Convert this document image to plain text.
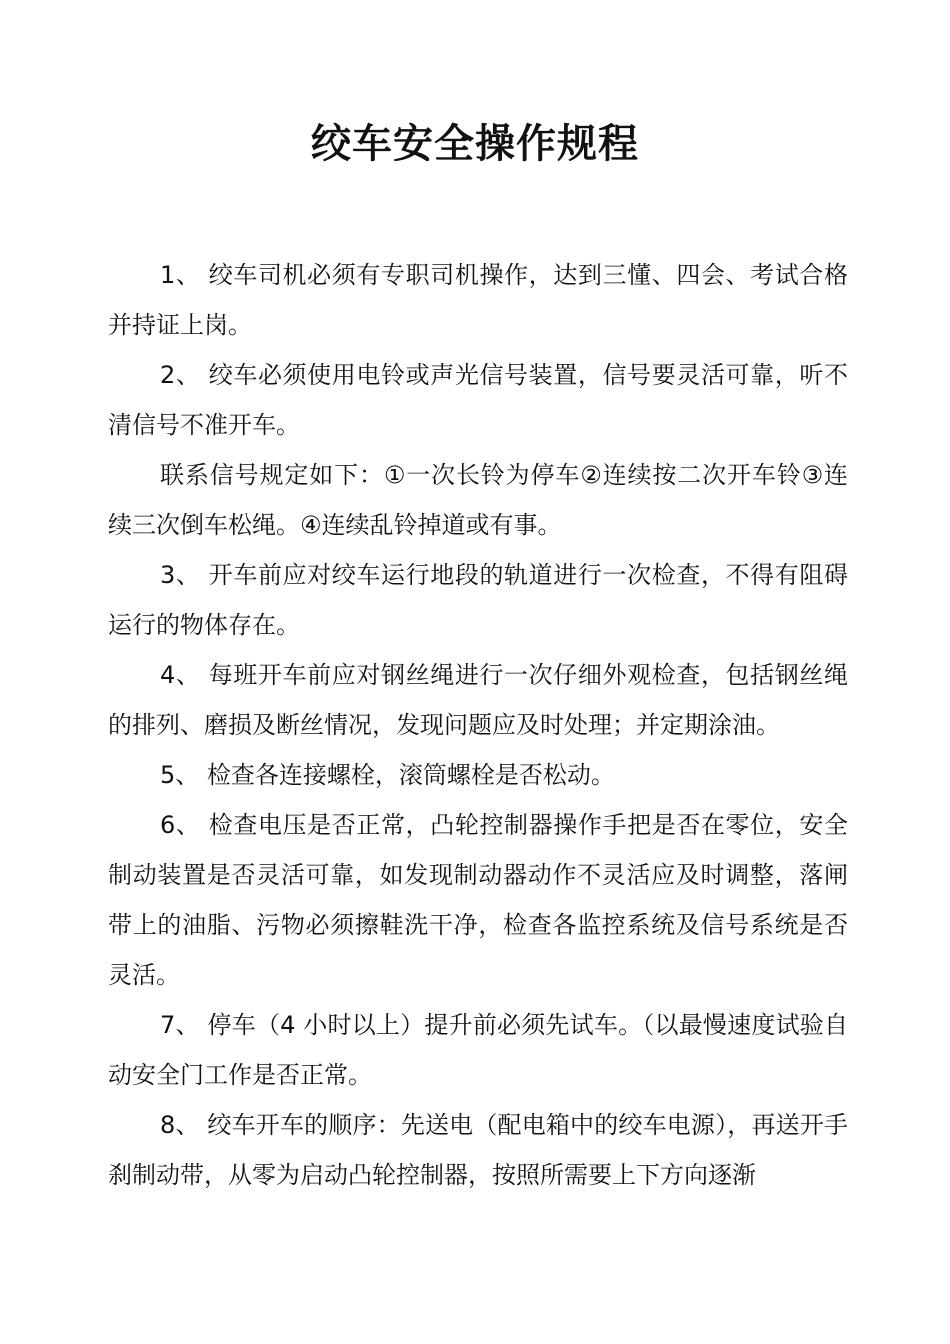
绞车安全操作规程

1、 绞车司机必须有专职司机操作，达到三懂、四会、考试合格并持证上岗。

2、 绞车必须使用电铃或声光信号装置，信号要灵活可靠，听不清信号不准开车。

联系信号规定如下：①一次长铃为停车②连续按二次开车铃③连续三次倒车松绳。④连续乱铃掉道或有事。

3、 开车前应对绞车运行地段的轨道进行一次检查，不得有阻碍运行的物体存在。

4、 每班开车前应对钢丝绳进行一次仔细外观检查，包括钢丝绳的排列、磨损及断丝情况，发现问题应及时处理；并定期涂油。

5、 检查各连接螺栓，滚筒螺栓是否松动。

6、 检查电压是否正常，凸轮控制器操作手把是否在零位，安全制动装置是否灵活可靠，如发现制动器动作不灵活应及时调整，落闸带上的油脂、污物必须擦鞋洗干净，检查各监控系统及信号系统是否灵活。

7、 停车（4 小时以上）提升前必须先试车。（以最慢速度试验自动安全门工作是否正常。

8、 绞车开车的顺序：先送电（配电箱中的绞车电源），再送开手刹制动带，从零为启动凸轮控制器，按照所需要上下方向逐渐
